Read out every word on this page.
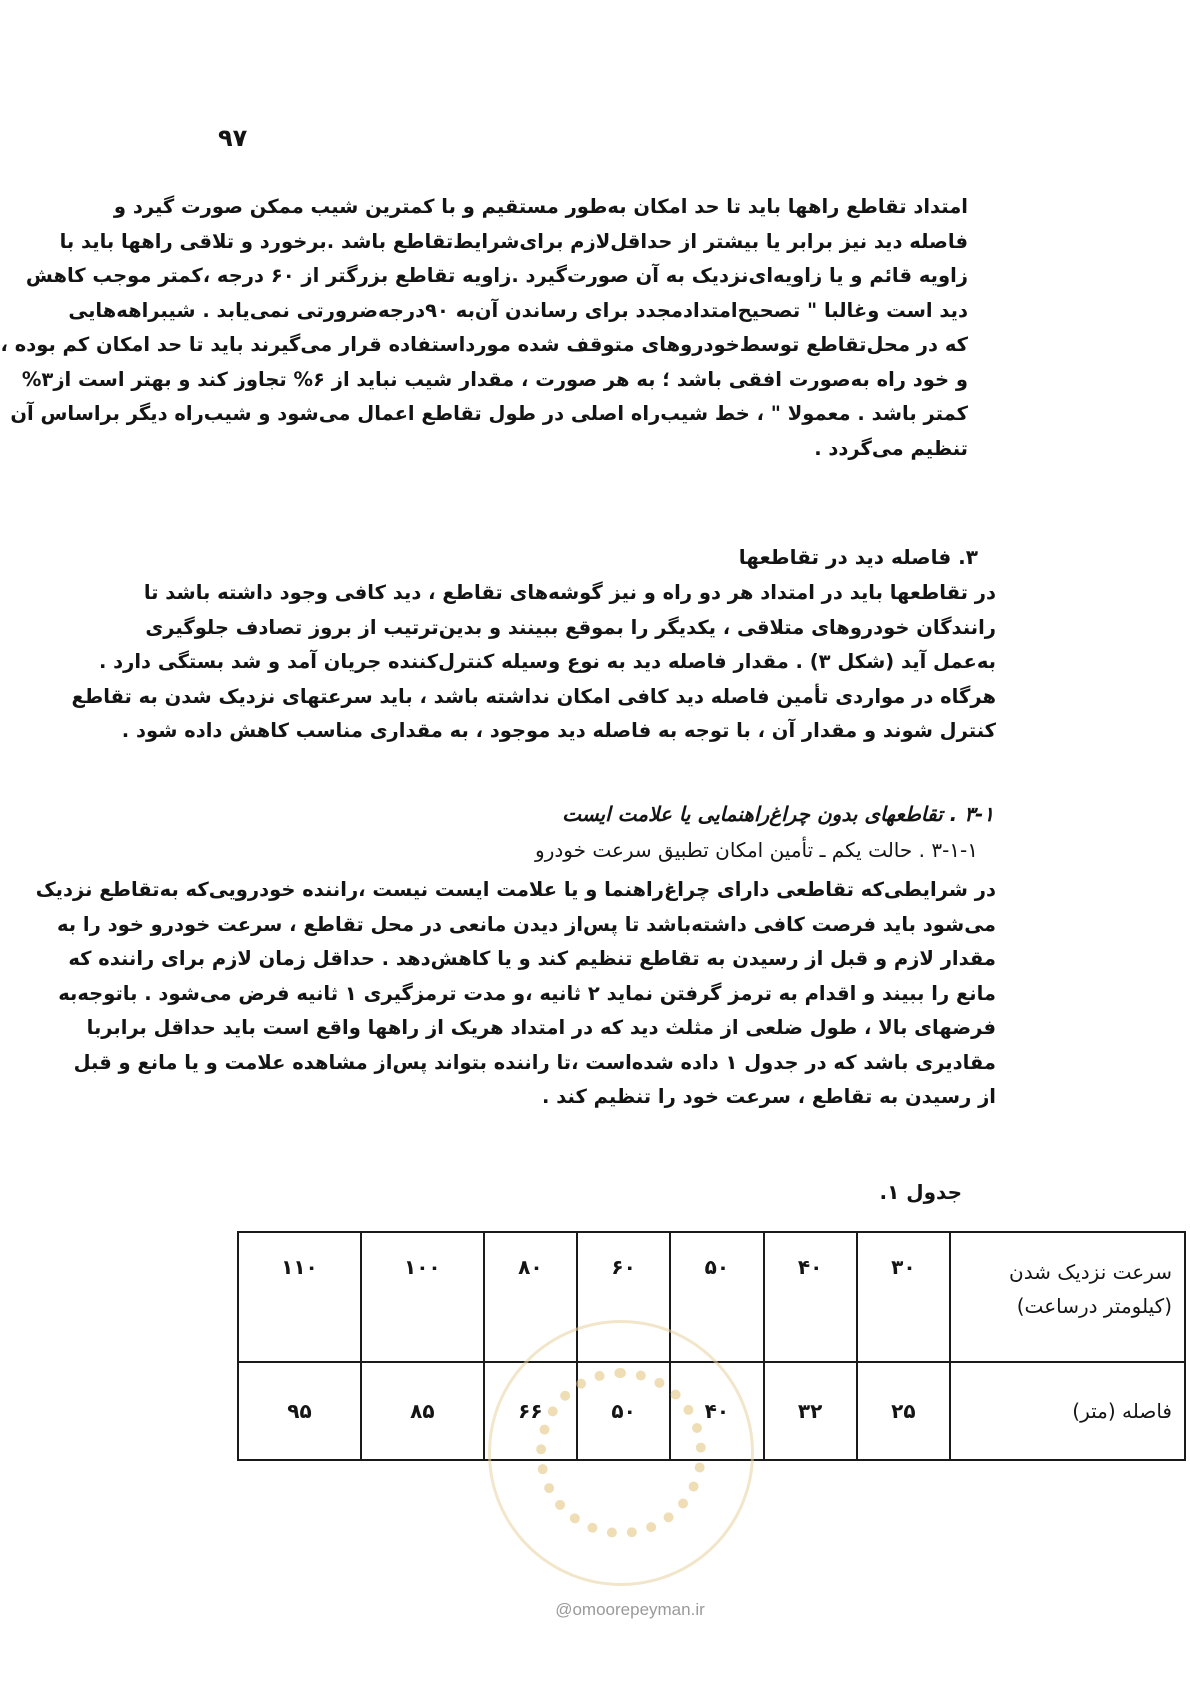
۹۷
امتداد تقاطع راهها باید تا حد امکان به‌طور مستقیم و با کمترین شیب ممکن صورت گیرد و
فاصله دید نیز برابر یا بیشتر از حداقل‌لازم برای‌شرایط‌تقاطع باشد .برخورد و تلاقی راهها باید با
زاویه قائم و یا زاویه‌ای‌نزدیک به آن صورت‌گیرد .زاویه تقاطع بزرگتر از ۶۰ درجه ،کمتر موجب کاهش
دید است وغالبا " تصحیح‌امتداد‌مجدد برای رساندن آن‌به ۹۰درجه‌ضرورتی نمی‌یابد . شیبراهه‌هایی
که در محل‌تقاطع توسط‌خودروهای متوقف شده مورداستفاده قرار می‌گیرند باید تا حد امکان کم بوده ،
و خود راه به‌صورت افقی باشد ؛ به هر صورت ، مقدار شیب نباید از ۶% تجاوز کند و بهتر است از۳%
کمتر باشد . معمولا " ، خط شیب‌راه اصلی در طول تقاطع اعمال می‌شود و شیب‌راه دیگر براساس آن
تنظیم می‌گردد .
۳. فاصله دید در تقاطعها
در تقاطعها باید در امتداد هر دو راه و نیز گوشه‌های تقاطع ، دید کافی وجود داشته باشد تا
رانندگان خودروهای متلاقی ، یکدیگر را بموقع ببینند و بدین‌ترتیب از بروز تصادف جلوگیری
به‌عمل آید (شکل ۳) . مقدار فاصله دید به نوع وسیله کنترل‌کننده جریان آمد و شد بستگی دارد .
هرگاه در مواردی تأمین فاصله دید کافی امکان نداشته باشد ، باید سرعتهای نزدیک شدن به تقاطع
کنترل شوند و مقدار آن ، با توجه به فاصله دید موجود ، به مقداری مناسب کاهش داده شود .
۳-۱ . تقاطعهای بدون چراغ‌راهنمایی یا علامت ایست
۳-۱-۱ . حالت یکم ـ تأمین امکان تطبیق سرعت خودرو
در شرایطی‌که تقاطعی دارای چراغ‌راهنما و یا علامت ایست نیست ،راننده خودرویی‌که به‌تقاطع نزدیک
می‌شود باید فرصت کافی داشته‌باشد تا پس‌از دیدن مانعی در محل تقاطع ، سرعت خودرو خود را به
مقدار لازم و قبل از رسیدن به تقاطع تنظیم کند و یا کاهش‌دهد . حداقل زمان لازم برای راننده که
مانع را ببیند و اقدام به ترمز گرفتن نماید ۲ ثانیه ،و مدت ترمزگیری ۱ ثانیه فرض می‌شود . باتوجه‌به
فرضهای بالا ، طول ضلعی از مثلث دید که در امتداد هریک از راهها واقع است باید حداقل برابربا
مقادیری باشد که در جدول ۱ داده شده‌است ،تا راننده بتواند پس‌از مشاهده علامت و یا مانع و قبل
از رسیدن به تقاطع ، سرعت خود را تنظیم کند .
جدول ۱.
سرعت نزدیک شدن
(کیلومتر درساعت)	۳۰	۴۰	۵۰	۶۰	۸۰	۱۰۰	۱۱۰
فاصله (متر)	۲۵	۳۲	۴۰	۵۰	۶۶	۸۵	۹۵
@omoorepeyman.ir
